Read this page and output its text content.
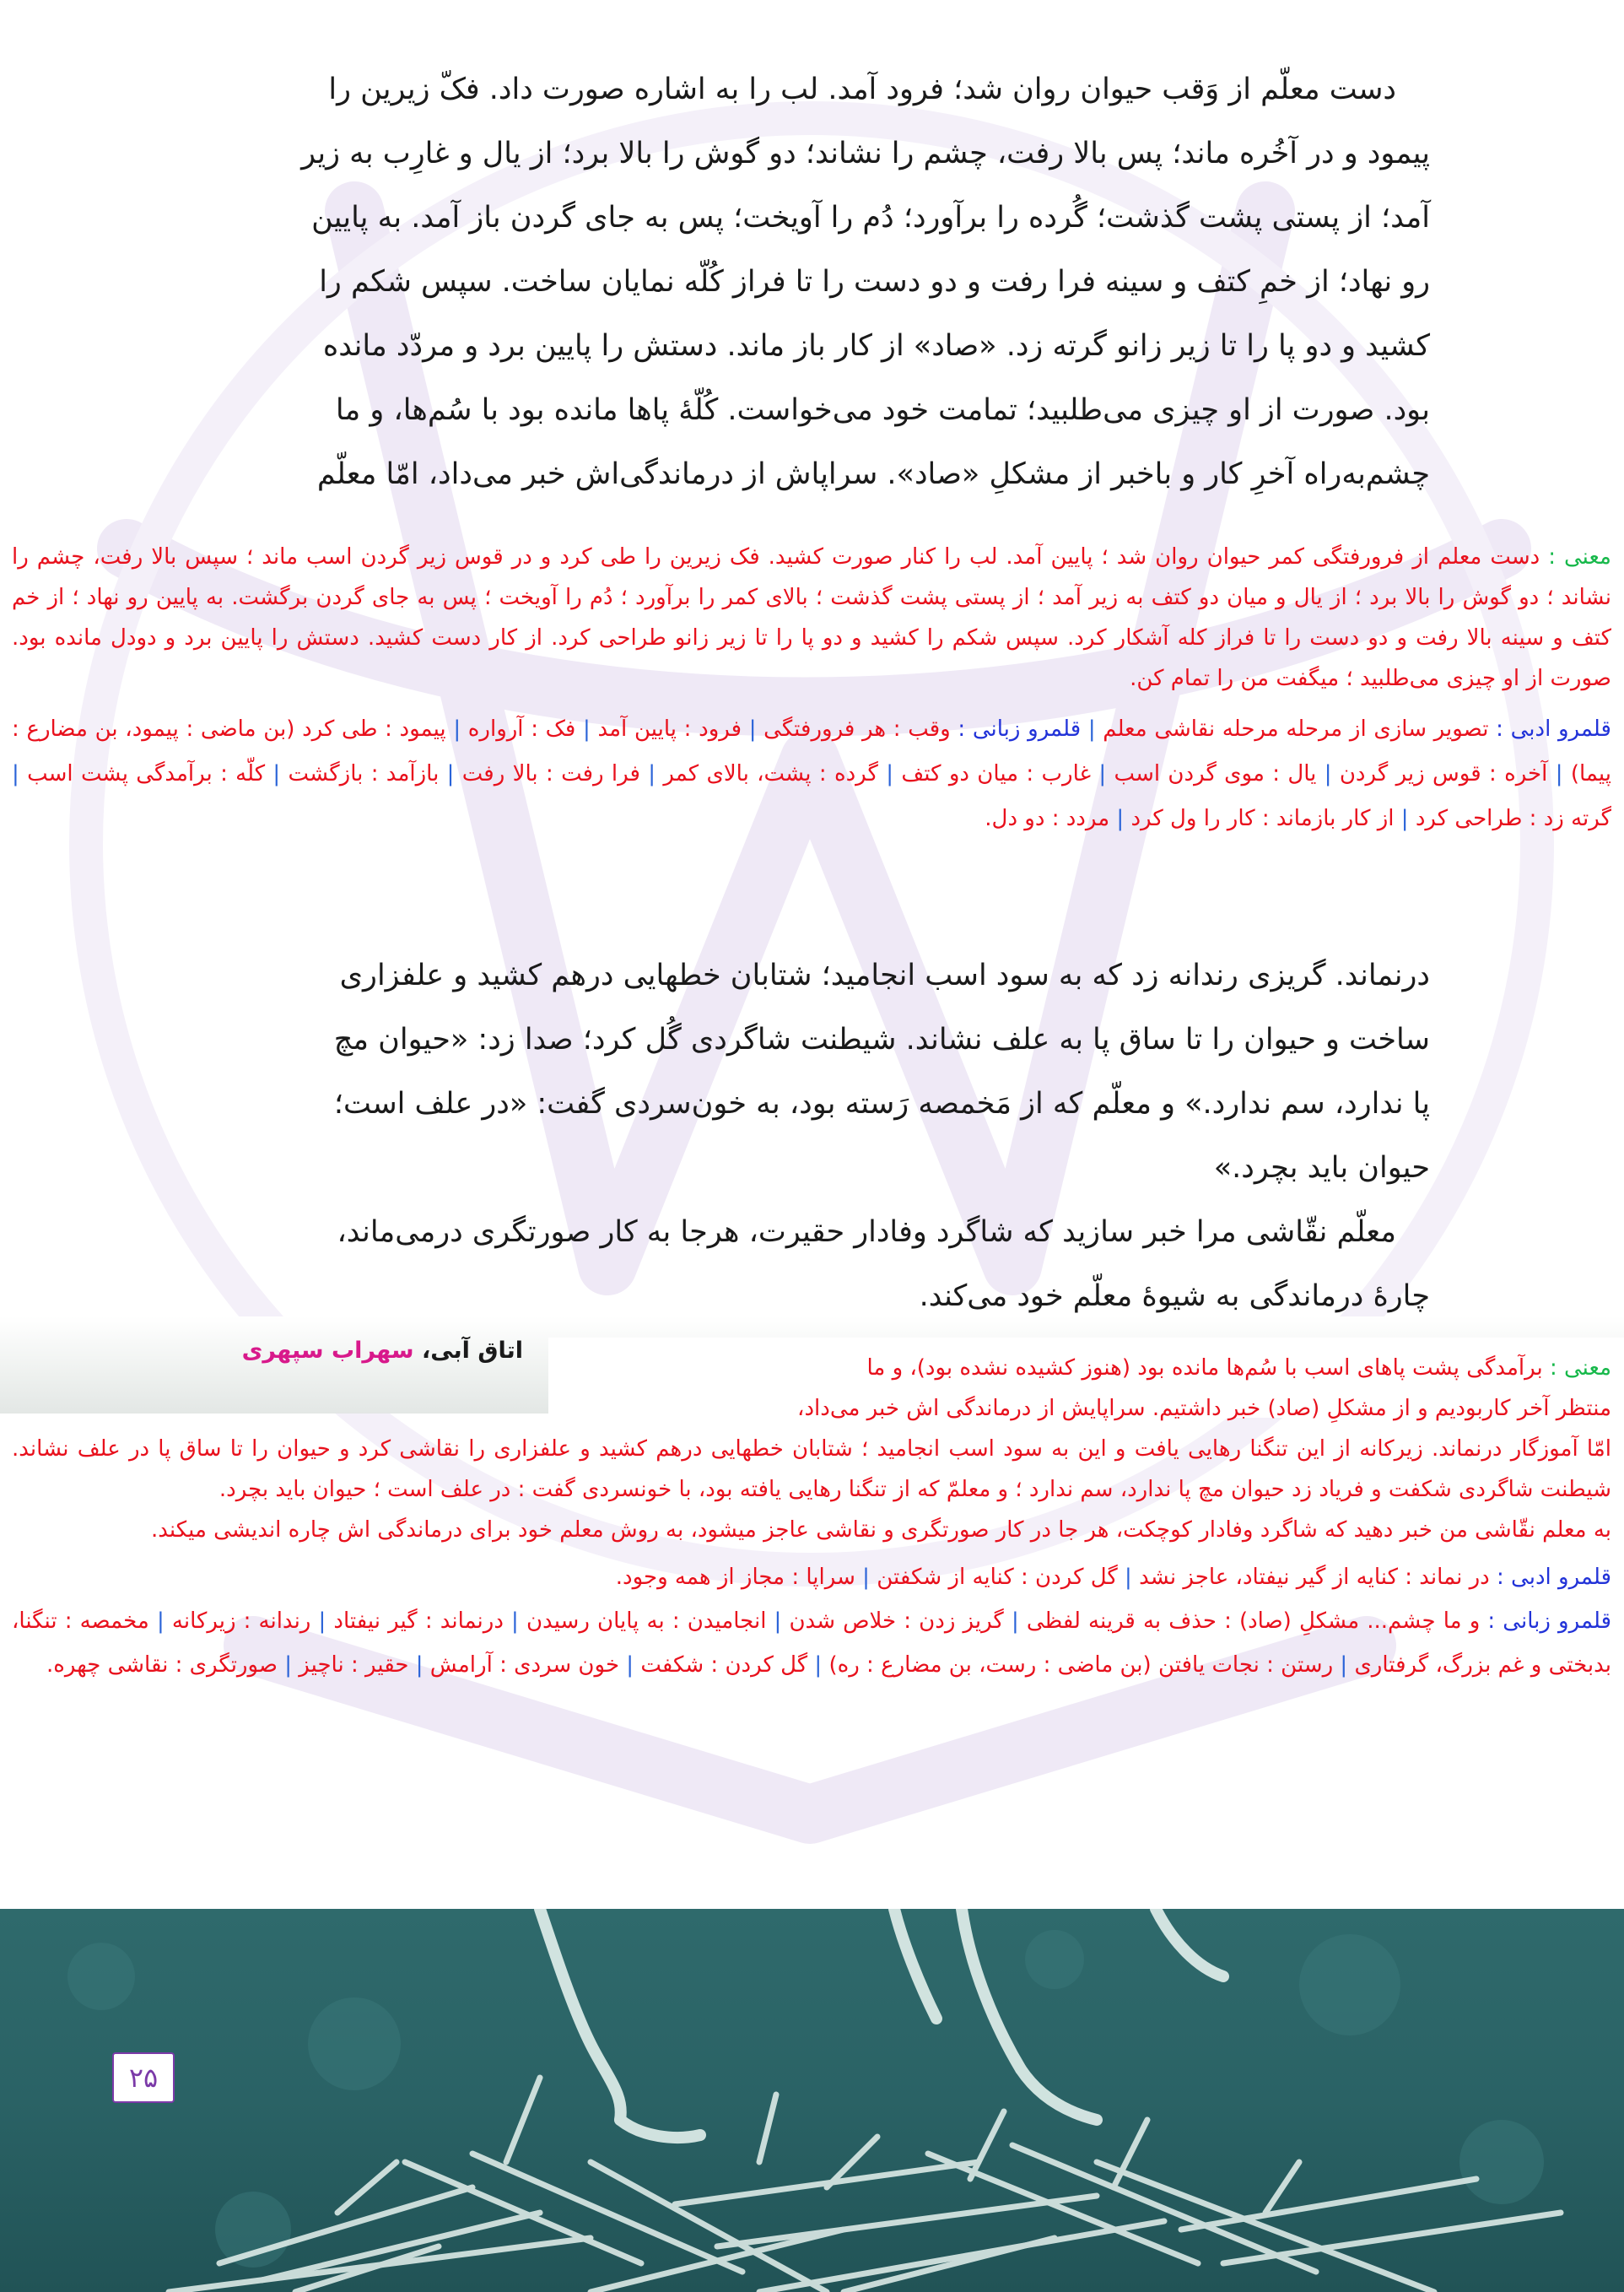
دست معلّم از وَقب حیوان روان شد؛ فرود آمد. لب را به اشاره صورت داد. فکّ زیرین را

پیمود و در آخُره ماند؛ پس بالا رفت، چشم را نشاند؛ دو گوش را بالا برد؛ از یال و غارِب به زیر

آمد؛ از پستی پشت گذشت؛ گُرده را برآورد؛ دُم را آویخت؛ پس به جای گردن باز آمد. به پایین

رو نهاد؛ از خمِ کتف و سینه فرا رفت و دو دست را تا فراز کُلّه نمایان ساخت. سپس شکم را

کشید و دو پا را تا زیر زانو گرته زد. «صاد» از کار باز ماند. دستش را پایین برد و مردّد مانده

بود. صورت از او چیزی می‌طلبید؛ تمامت خود می‌خواست. کُلّهٔ پاها مانده بود با سُم‌ها، و ما

چشم‌به‌راه آخرِ کار و باخبر از مشکلِ «صاد». سراپاش از درماندگی‌اش خبر می‌داد، امّا معلّم

معنی : دست معلم از فرورفتگی کمر حیوان روان شد ؛ پایین آمد. لب را کنار صورت کشید. فک زیرین را طی کرد و در قوس زیر گردن اسب ماند ؛ سپس بالا رفت، چشم را نشاند ؛ دو گوش را بالا برد ؛ از یال و میان دو کتف به زیر آمد ؛ از پستی پشت گذشت ؛ بالای کمر را برآورد ؛ دُم را آویخت ؛ پس به جای گردن برگشت. به پایین رو نهاد ؛ از خم کتف و سینه بالا رفت و دو دست را تا فراز کله آشکار کرد. سپس شکم را کشید و دو پا را تا زیر زانو طراحی کرد. از کار دست کشید. دستش را پایین برد و دودل مانده بود. صورت از او چیزی می‌طلبید ؛ میگفت من را تمام کن.

قلمرو ادبی : تصویر سازی از مرحله مرحله نقاشی معلم | قلمرو زبانی : وقب : هر فرورفتگی | فرود : پایین آمد | فک : آرواره | پیمود : طی کرد (بن ماضی : پیمود، بن مضارع : پیما) | آخره : قوس زیر گردن | یال : موی گردن اسب | غارب : میان دو کتف | گرده : پشت، بالای کمر | فرا رفت : بالا رفت | بازآمد : بازگشت | کلّه : برآمدگی پشت اسب | گرته زد : طراحی کرد | از کار بازماند : کار را ول کرد | مردد : دو دل.

درنماند. گریزی رندانه زد که به سود اسب انجامید؛ شتابان خطهایی درهم کشید و علفزاری

ساخت و حیوان را تا ساق پا به علف نشاند. شیطنت شاگردی گُل کرد؛ صدا زد: «حیوان مچ

پا ندارد، سم ندارد.» و معلّم که از مَخمصه رَسته بود، به خون‌سردی گفت: «در علف است؛

حیوان باید بچرد.»

معلّم نقّاشی مرا خبر سازید که شاگرد وفادار حقیرت، هرجا به کار صورتگری درمی‌ماند،

چارهٔ درماندگی به شیوهٔ معلّم خود می‌کند.

اتاق آبی، سهراب سپهری

معنی : برآمدگی پشت پاهای اسب با سُم‌ها مانده بود (هنوز کشیده نشده بود)، و ما

منتظر آخر کاربودیم و از مشکلِ (صاد) خبر داشتیم. سراپایش از درماندگی اش خبر می‌داد،

امّا آموزگار درنماند. زیرکانه از این تنگنا رهایی یافت و این به سود اسب انجامید ؛ شتابان خطهایی درهم کشید و علفزاری را نقاشی کرد و حیوان را تا ساق پا در علف نشاند. شیطنت شاگردی شکفت و فریاد زد حیوان مچ پا ندارد، سم ندارد ؛ و معلمّ که از تنگنا رهایی یافته بود، با خونسردی گفت : در علف است ؛ حیوان باید بچرد.

به معلم نقّاشی من خبر دهید که شاگرد وفادار کوچکت، هر جا در کار صورتگری و نقاشی عاجز میشود، به روش معلم خود برای درماندگی اش چاره اندیشی میکند.

قلمرو ادبی : در نماند : کنایه از گیر نیفتاد، عاجز نشد | گل کردن : کنایه از شکفتن | سراپا : مجاز از همه وجود.

قلمرو زبانی : و ما چشم... مشکلِ (صاد) : حذف به قرینه لفظی | گریز زدن : خلاص شدن | انجامیدن : به پایان رسیدن | درنماند : گیر نیفتاد | رندانه : زیرکانه | مخمصه : تنگنا، بدبختی و غم بزرگ، گرفتاری | رستن : نجات یافتن (بن ماضی : رست، بن مضارع : ره) | گل کردن : شکفت | خون سردی : آرامش | حقیر : ناچیز | صورتگری : نقاشی چهره.

۲۵
